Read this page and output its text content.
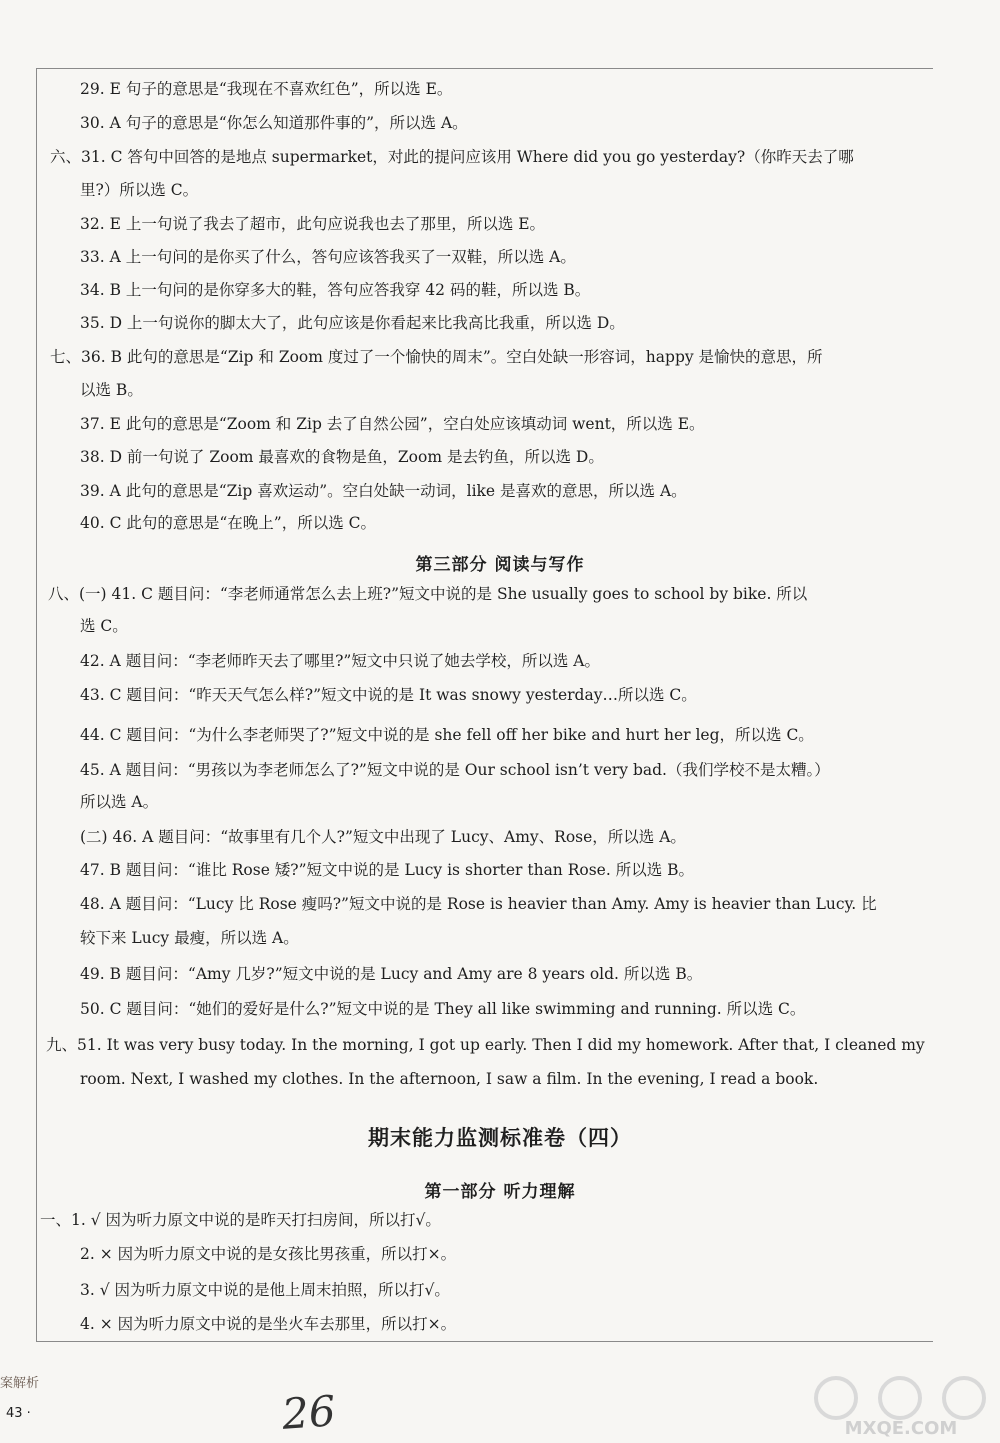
29. E 句子的意思是“我现在不喜欢红色”，所以选 E。
30. A 句子的意思是“你怎么知道那件事的”，所以选 A。
六、31. C 答句中回答的是地点 supermarket，对此的提问应该用 Where did you go yesterday?（你昨天去了哪
里?）所以选 C。
32. E 上一句说了我去了超市，此句应说我也去了那里，所以选 E。
33. A 上一句问的是你买了什么，答句应该答我买了一双鞋，所以选 A。
34. B 上一句问的是你穿多大的鞋，答句应答我穿 42 码的鞋，所以选 B。
35. D 上一句说你的脚太大了，此句应该是你看起来比我高比我重，所以选 D。
七、36. B 此句的意思是“Zip 和 Zoom 度过了一个愉快的周末”。空白处缺一形容词，happy 是愉快的意思，所
以选 B。
37. E 此句的意思是“Zoom 和 Zip 去了自然公园”，空白处应该填动词 went，所以选 E。
38. D 前一句说了 Zoom 最喜欢的食物是鱼，Zoom 是去钓鱼，所以选 D。
39. A 此句的意思是“Zip 喜欢运动”。空白处缺一动词，like 是喜欢的意思，所以选 A。
40. C 此句的意思是“在晚上”，所以选 C。
第三部分 阅读与写作
八、(一) 41. C 题目问：“李老师通常怎么去上班?”短文中说的是 She usually goes to school by bike. 所以
选 C。
42. A 题目问：“李老师昨天去了哪里?”短文中只说了她去学校，所以选 A。
43. C 题目问：“昨天天气怎么样?”短文中说的是 It was snowy yesterday…所以选 C。
44. C 题目问：“为什么李老师哭了?”短文中说的是 she fell off her bike and hurt her leg，所以选 C。
45. A 题目问：“男孩以为李老师怎么了?”短文中说的是 Our school isn’t very bad.（我们学校不是太糟。）
所以选 A。
(二) 46. A 题目问：“故事里有几个人?”短文中出现了 Lucy、Amy、Rose，所以选 A。
47. B 题目问：“谁比 Rose 矮?”短文中说的是 Lucy is shorter than Rose. 所以选 B。
48. A 题目问：“Lucy 比 Rose 瘦吗?”短文中说的是 Rose is heavier than Amy. Amy is heavier than Lucy. 比
较下来 Lucy 最瘦，所以选 A。
49. B 题目问：“Amy 几岁?”短文中说的是 Lucy and Amy are 8 years old. 所以选 B。
50. C 题目问：“她们的爱好是什么?”短文中说的是 They all like swimming and running. 所以选 C。
九、51. It was very busy today. In the morning, I got up early. Then I did my homework. After that, I cleaned my
room. Next, I washed my clothes. In the afternoon, I saw a film. In the evening, I read a book.
期末能力监测标准卷（四）
第一部分 听力理解
一、1. √ 因为听力原文中说的是昨天打扫房间，所以打√。
2. × 因为听力原文中说的是女孩比男孩重，所以打×。
3. √ 因为听力原文中说的是他上周末拍照，所以打√。
4. × 因为听力原文中说的是坐火车去那里，所以打×。
案解析
43 ·	26	MXQE.COM
